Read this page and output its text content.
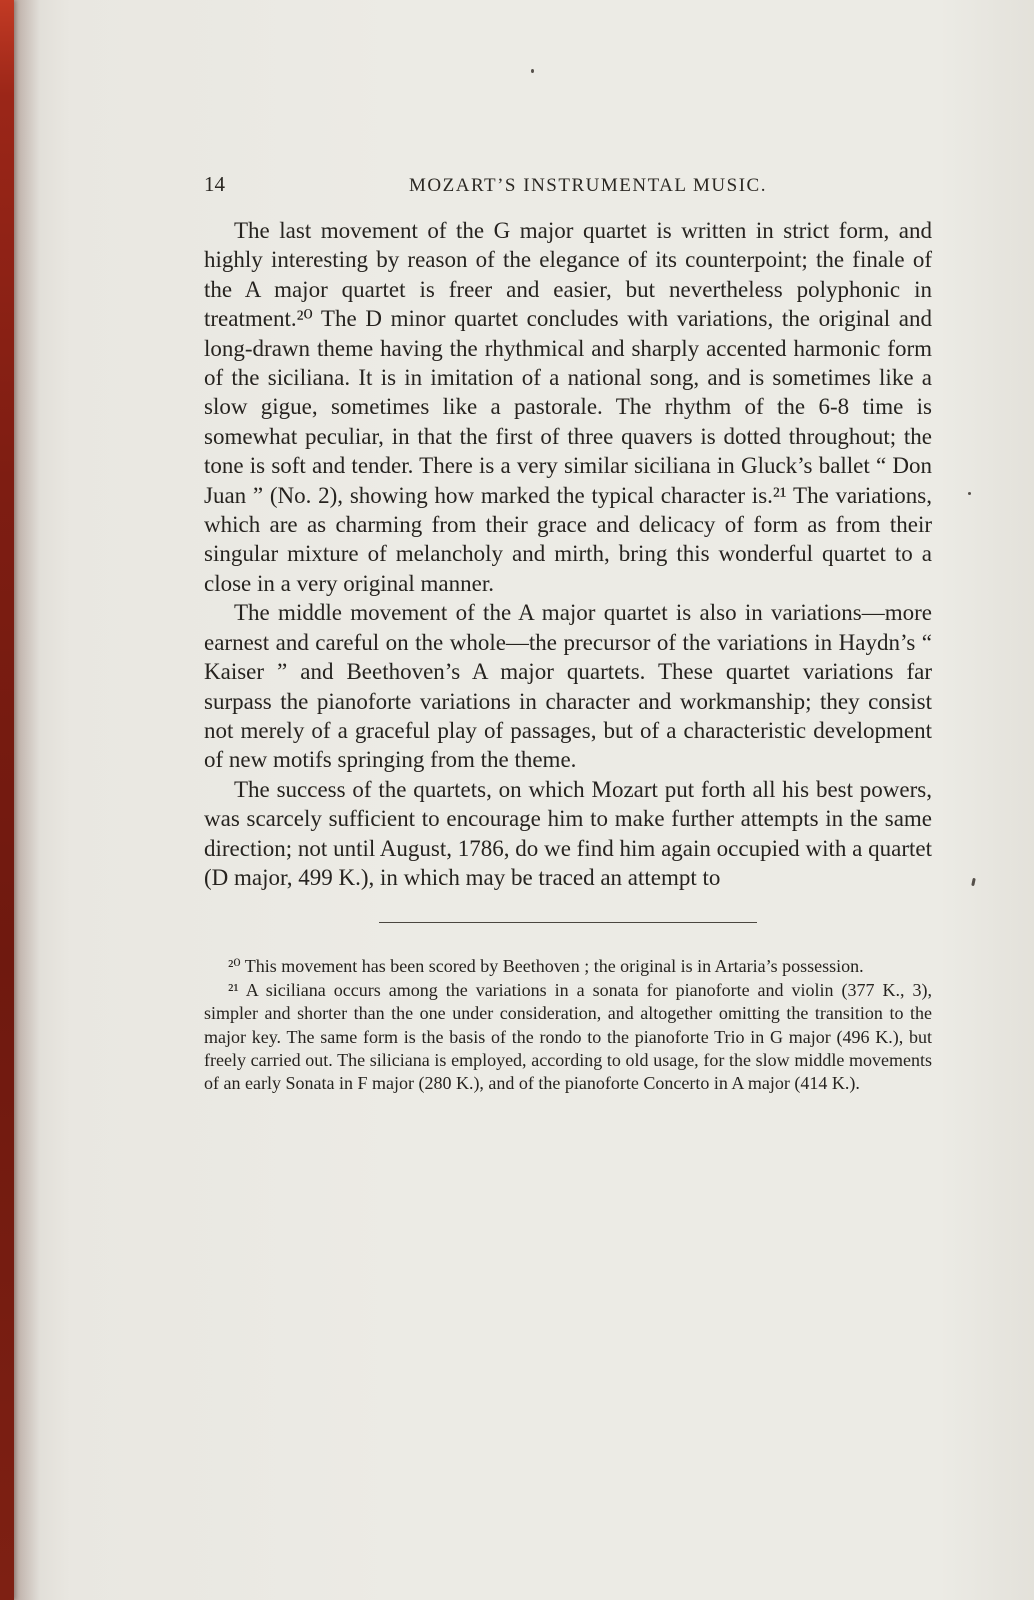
14	MOZART’S INSTRUMENTAL MUSIC.

The last movement of the G major quartet is written in strict form, and highly interesting by reason of the elegance of its counterpoint; the finale of the A major quartet is freer and easier, but nevertheless polyphonic in treatment.²⁰ The D minor quartet concludes with variations, the original and long-drawn theme having the rhythmical and sharply accented harmonic form of the siciliana. It is in imitation of a national song, and is sometimes like a slow gigue, sometimes like a pastorale. The rhythm of the 6-8 time is somewhat peculiar, in that the first of three quavers is dotted throughout; the tone is soft and tender. There is a very similar siciliana in Gluck’s ballet “ Don Juan ” (No. 2), showing how marked the typical character is.²¹ The variations, which are as charming from their grace and delicacy of form as from their singular mixture of melancholy and mirth, bring this wonderful quartet to a close in a very original manner.

The middle movement of the A major quartet is also in variations—more earnest and careful on the whole—the precursor of the variations in Haydn’s “ Kaiser ” and Beethoven’s A major quartets. These quartet variations far surpass the pianoforte variations in character and workmanship; they consist not merely of a graceful play of passages, but of a characteristic development of new motifs springing from the theme.

The success of the quartets, on which Mozart put forth all his best powers, was scarcely sufficient to encourage him to make further attempts in the same direction; not until August, 1786, do we find him again occupied with a quartet (D major, 499 K.), in which may be traced an attempt to

²⁰ This movement has been scored by Beethoven ; the original is in Artaria’s possession.

²¹ A siciliana occurs among the variations in a sonata for pianoforte and violin (377 K., 3), simpler and shorter than the one under consideration, and altogether omitting the transition to the major key. The same form is the basis of the rondo to the pianoforte Trio in G major (496 K.), but freely carried out. The siliciana is employed, according to old usage, for the slow middle movements of an early Sonata in F major (280 K.), and of the pianoforte Concerto in A major (414 K.).
